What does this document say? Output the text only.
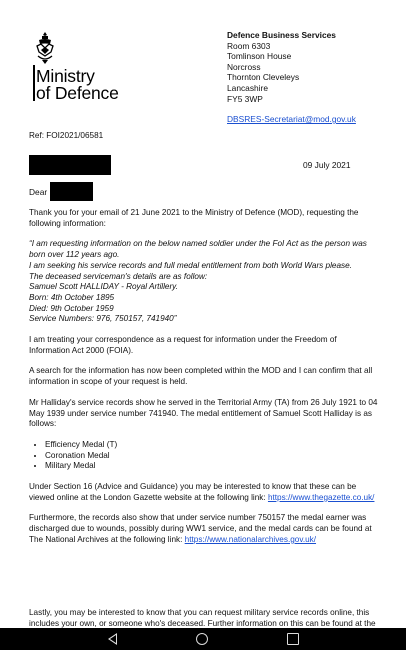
Ministry
of Defence
Defence Business Services
Room 6303
Tomlinson House
Norcross
Thornton Cleveleys
Lancashire
FY5 3WP
DBSRES-Secretariat@mod.gov.uk
Ref: FOI2021/06581
09 July 2021
Dear

Thank you for your email of 21 June 2021 to the Ministry of Defence (MOD), requesting the following information:

“I am requesting information on the below named soldier under the FoI Act as the person was born over 112 years ago.
I am seeking his service records and full medal entitlement from both World Wars please.
The deceased serviceman's details are as follow:
Samuel Scott HALLIDAY - Royal Artillery.
Born: 4th October 1895
Died: 9th October 1959
Service Numbers: 976, 750157, 741940”

I am treating your correspondence as a request for information under the Freedom of Information Act 2000 (FOIA).

A search for the information has now been completed within the MOD and I can confirm that all information in scope of your request is held.

Mr Halliday's service records show he served in the Territorial Army (TA) from 26 July 1921 to 04 May 1939 under service number 741940. The medal entitlement of Samuel Scott Halliday is as follows:

• Efficiency Medal (T)
• Coronation Medal
• Military Medal

Under Section 16 (Advice and Guidance) you may be interested to know that these can be viewed online at the London Gazette website at the following link: https://www.thegazette.co.uk/

Furthermore, the records also show that under service number 750157 the medal earner was discharged due to wounds, possibly during WW1 service, and the medal cards can be found at The National Archives at the following link: https://www.nationalarchives.gov.uk/

Lastly, you may be interested to know that you can request military service records online, this includes your own, or someone who's deceased. Further information on this can be found at the
